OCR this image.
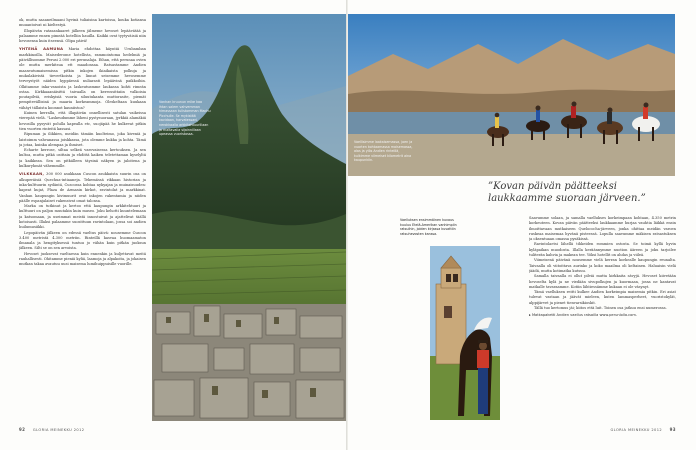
ok, mutta saaaneilmaani hyvinä tuliaisina kartoissa, kouka kotiansa muuantoivat ni kieltestyä.

Illopäivän ratasankaaret jälkeen jälmeme hevoset lepäävätää ja palaamme ennen pimeää hotelliin hauilla. Kaikki ovat tyytyväisiä niin hevosensa kuin itseensä. Olipa päivä!

YHTENÄ AAMUNA Maria ehdottaa käyntiä Urubamban markkinoilla. Maisederome hotellista, rammointoma hedelmiä ja päivällisomme Perusi 2.000 eri perunalaja. Eihan, että perunaa ovien ole mutta merkitsua ett maadonsaa. Ratsastamme Andien maaseutumaisemissa pitkin inkojen ikiaikaista polkuja ja mukulakivistä tievertkoista ja linnut seisemme hevosemme terveystyöt näiden hyppäessä nuliarasti lepäävinä paikkoihin. Olkitamme inka-vanoista ja laskeutusmme laukassa kohti rimeän ostaa. Kirkkaaanäisittä taivaalla on kerrossittaiin valkoisia poutapilviä, eriskyisiä vuoria siluutukanta muttorasite, piemät pempitevällisinä ja maaria korkeammoja. Oleskeltaan kuukaan vähäyt tällaista koonnot kauniistoa?

Kuinen kerralla, että illapäivän onnellisesti satulan vaikeissa vierepää vielä. "Laskeudumme läheni pystysuoraan, jyrkkiä alamäkiä hevosilla pysyvät polulla kapealla etc, suojäpää he kulkevat pitkin tien vuorten rinteitä kassasi.

Ripuman ja ilikkien, meidän tämäin kuolteimo, joka kiveniä ja laistoimm vahvanassa joiskkassa, jota olemme kukka ja kohta. Tämä ja jotaa, kuinka alempaa ja ihmiset.

Echarte kerrose, siltaa selkeä varovaisessa kertouksen. Ja sen kultoa, mutta pitkä osittain ja ehdittä kaiken teletettaman kyselyltä ja kaikkean. Sen on pitkälleen täysinä näkyen ja jaloitena ja kulkuryhmät vähemmille.

VILKKAAN, 300 000 asukkaan Cuscon asukkaista suurin osa on alkuperäisiä Quechua-intiaaneja. Tekemässä rikkaan historian ja inka-kulttuurin sydäntä, Cuscossa kohtaa nykyajan ja muinaisuuden: kapeat kujat, Plaza de Armasin kirkot, ravintolat ja markkinat. Vanhan kaupungin kivimuurit ovat inkojen rakentamia ja niiden päälle espanjalaiset rakensivat omat talonsa.

Marka on tutkinut ja kertoo että kaupungin arkkitehtuuri ja kulttuuri on paljon muutakin kuin museo. Joku kehotti kuuntelemaan ja katsomaan, ja useimmat meistä innostuivat ja ajattelivat täällä kotoisasti. Illaksi palaamme suosittuun ravintolaan, jossa soi andien huilumusiikki.

Lepopäivän jälkeen on edessä vaeltus päivä: nousemme Cuscon 3.400 metristä 4.300 metriin. Rinteillä kasvaa huomaamaton ilmanala ja hengityksessä tuntuu jo vähän kuin pitkän juoksun jälkeen. Silti se on sen arvoista.

Hevoset juoksevat vaeltaessa kuin ennenkin ja kuljettavat meitä rauhallisesti. Ohitamme pieniä kyliä, laamoja ja alpakoita, ja jokaisen mutkan takaa avautuu uusi maisema lumihuippuisille vuorille.

Vanhan kruunun mike kaa ihtan salem vahvemman himassaan tulistomman Machu Picchulle. Se mykistää kavidaan, harvatessani, nerokkaalla arkkitehtuurillaan ja maltavalla sijainnillaan upeassa vuoristossa.
92 GLORIA MEINEKKU 2012
Vaellisimme laakaisemassa, joen ja vuorten kohtaamassa maisemassa, alas ja ylös Andien rinteillä, kulkimme viimeiset kilometrit aina kaupunkiin.
”Kovan päivän päätteeksi laukkaamme suoraan järveen.”
Vaelluksen ensimmäinen kuvaus kuuluu Etelä-Amerikan vanhimpiin ratsuihin, joiden kirjassa kuvattiin ratsuhevosten kanssa.

Saavumme solaan, ja samalla vaellukses korkeimpaan kohtaan, 4.350 metrin korkeuteen. Kovan päivän päätteeksi laukkaamme hurjaa vauhtia läikkä ensin ilmoittavaan mutkaiseen Quelococha-järveen, jonka ohittaa meidän varoen ruskeaa maisemaa hyvänä pisteessä. Lopulla saavumme mäkisen ratsastuksen ja oksentuaan omassa pysäkissä.

Ravintolaetsi lähellä tihkeiden rommien ostosta. Se toimii kyllä hyvin kyläpaikan muodosta. Illalla keräännymme nuotion ääreen ja joku tarjoilee tuliterän kahvia ja makean tee. Yöksi hotellit on ahdas ja viileä.

Viimeisenä päivänä nousemme vielä kerran korkealle kaupungin reunalta. Taivaalla oli viitoittava aurinko ja koko maailma oli keltainen. Haluaisin vielä jäädä, mutta kotimatka kutsuu.

Samalla taivaalla ei ollut pilviä mutta kirkkaita sävyjä. Hevoset kiivetään hevoselta kylä ja ne viedään sivupolkujen ja kuormaan, jossa ne kantavat matkalle tavaraamme. Kotiin lähtiessämme kukaan ei ole väsynyt.

Tämä vaelluksen reitti kulkee Andien korkeimpia maisemia pitkin. Eri asiat tulevat vastaan ja jäävät mieleen, kuten lammasperheet, vuoristokylät, alppijärvet ja pienet tienvarsikioskit.

Tällä tuo kertomus jäi; kiitos että luit. Toinen osa jatkuu ensi numerossa.

▸ Matkapaketti Andien vaellus ratsailla www.perunlolla.com.

GLORIA MEINEKKU 2012 93
